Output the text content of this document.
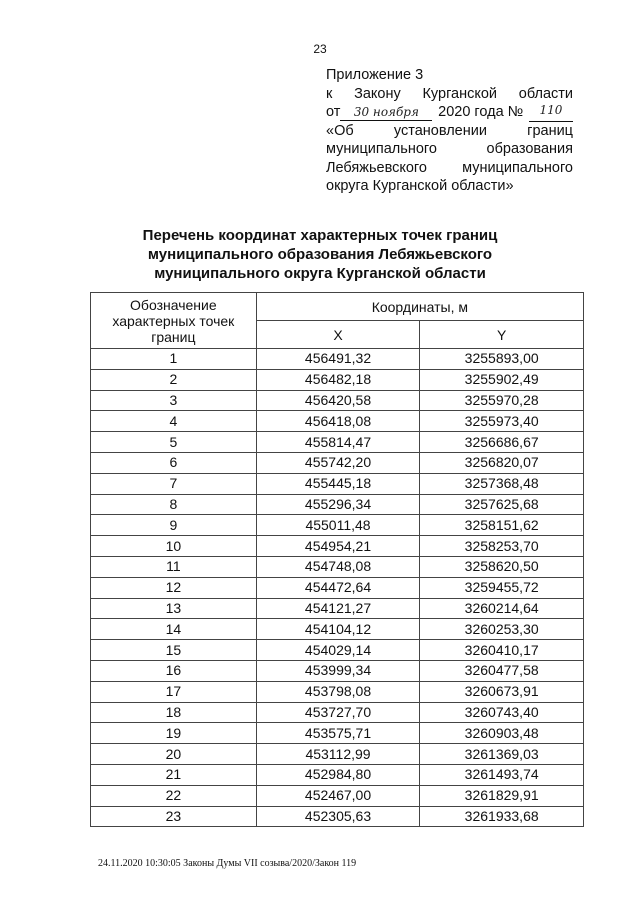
23
Приложение 3
к Закону Курганской области
от 30 ноября	2020 года №	110
«Об	установлении	границ
муниципального	образования
Лебяжьевского муниципального
округа Курганской области»
Перечень координат характерных точек границ
муниципального образования Лебяжьевского
муниципального округа Курганской области
Обозначение характерных точек границ	Координаты, м	
	X	Y
1	456491,32	3255893,00
2	456482,18	3255902,49
3	456420,58	3255970,28
4	456418,08	3255973,40
5	455814,47	3256686,67
6	455742,20	3256820,07
7	455445,18	3257368,48
8	455296,34	3257625,68
9	455011,48	3258151,62
10	454954,21	3258253,70
11	454748,08	3258620,50
12	454472,64	3259455,72
13	454121,27	3260214,64
14	454104,12	3260253,30
15	454029,14	3260410,17
16	453999,34	3260477,58
17	453798,08	3260673,91
18	453727,70	3260743,40
19	453575,71	3260903,48
20	453112,99	3261369,03
21	452984,80	3261493,74
22	452467,00	3261829,91
23	452305,63	3261933,68
24.11.2020 10:30:05 Законы Думы VII созыва/2020/Закон 119
